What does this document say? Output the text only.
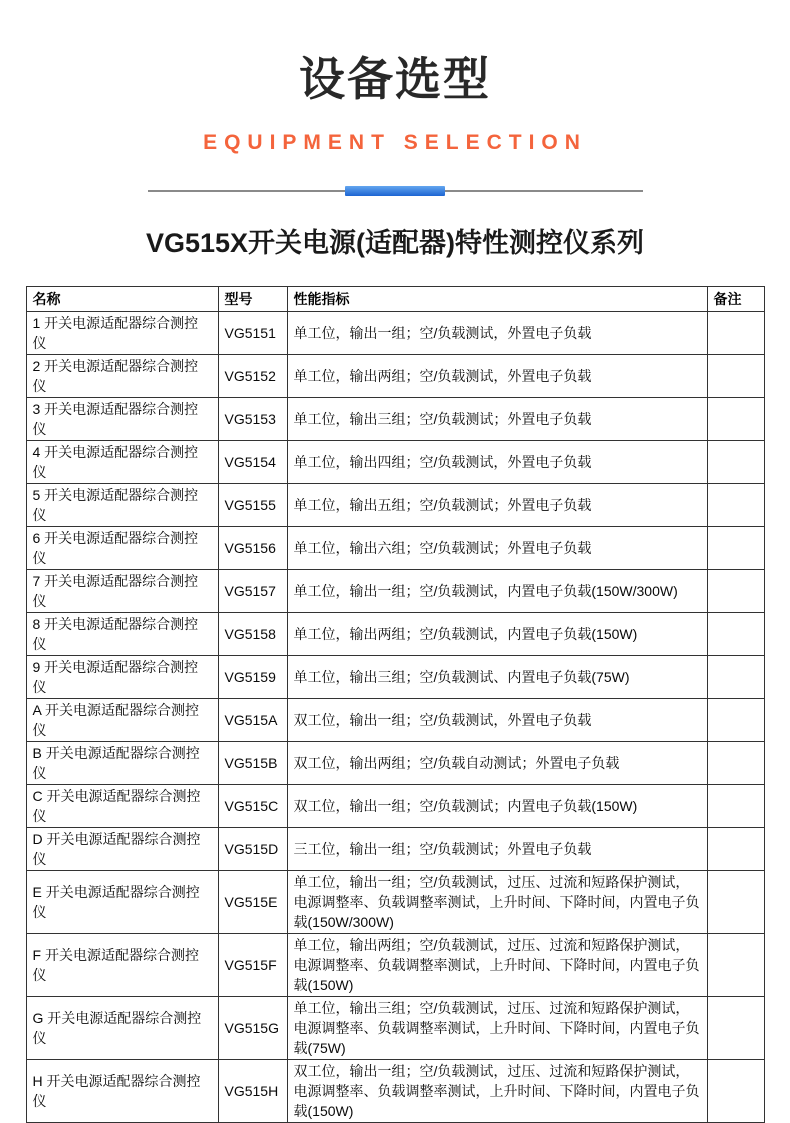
设备选型
EQUIPMENT SELECTION
VG515X开关电源(适配器)特性测控仪系列
名称	型号	性能指标	备注
1 开关电源适配器综合测控仪	VG5151	单工位，输出一组；空/负载测试，外置电子负载	
2 开关电源适配器综合测控仪	VG5152	单工位，输出两组；空/负载测试，外置电子负载	
3 开关电源适配器综合测控仪	VG5153	单工位，输出三组；空/负载测试；外置电子负载	
4 开关电源适配器综合测控仪	VG5154	单工位，输出四组；空/负载测试，外置电子负载	
5 开关电源适配器综合测控仪	VG5155	单工位，输出五组；空/负载测试；外置电子负载	
6 开关电源适配器综合测控仪	VG5156	单工位，输出六组；空/负载测试；外置电子负载	
7 开关电源适配器综合测控仪	VG5157	单工位，输出一组；空/负载测试，内置电子负载(150W/300W)	
8 开关电源适配器综合测控仪	VG5158	单工位，输出两组；空/负载测试，内置电子负载(150W)	
9 开关电源适配器综合测控仪	VG5159	单工位，输出三组；空/负载测试、内置电子负载(75W)	
A 开关电源适配器综合测控仪	VG515A	双工位，输出一组；空/负载测试，外置电子负载	
B 开关电源适配器综合测控仪	VG515B	双工位，输出两组；空/负载自动测试；外置电子负载	
C 开关电源适配器综合测控仪	VG515C	双工位，输出一组；空/负载测试；内置电子负载(150W)	
D 开关电源适配器综合测控仪	VG515D	三工位，输出一组；空/负载测试；外置电子负载	
E 开关电源适配器综合测控仪	VG515E	单工位，输出一组；空/负载测试，过压、过流和短路保护测试，电源调整率、负载调整率测试，上升时间、下降时间，内置电子负载(150W/300W)	
F 开关电源适配器综合测控仪	VG515F	单工位，输出两组；空/负载测试，过压、过流和短路保护测试，电源调整率、负载调整率测试，上升时间、下降时间，内置电子负载(150W)	
G 开关电源适配器综合测控仪	VG515G	单工位，输出三组；空/负载测试，过压、过流和短路保护测试，电源调整率、负载调整率测试，上升时间、下降时间，内置电子负载(75W)	
H 开关电源适配器综合测控仪	VG515H	双工位，输出一组；空/负载测试，过压、过流和短路保护测试，电源调整率、负载调整率测试，上升时间、下降时间，内置电子负载(150W)	
